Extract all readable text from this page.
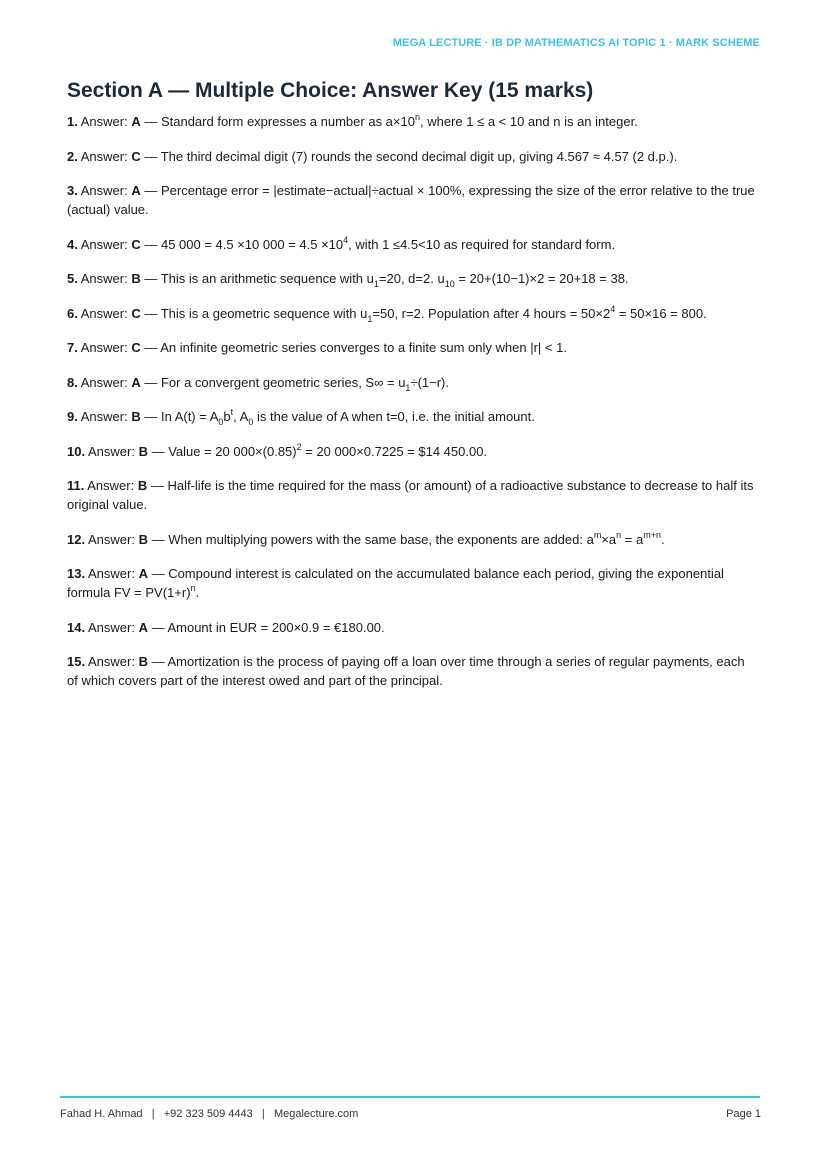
MEGA LECTURE · IB DP MATHEMATICS AI TOPIC 1 · MARK SCHEME
Section A — Multiple Choice: Answer Key (15 marks)
1. Answer: A — Standard form expresses a number as $a\times 10^n$, where 1 ≤ a < 10 and n is an integer.
2. Answer: C — The third decimal digit (7) rounds the second decimal digit up, giving 4.567 ≈ 4.57 (2 d.p.).
3. Answer: A — Percentage error = |estimate−actual|÷actual × 100%, expressing the size of the error relative to the true (actual) value.
4. Answer: C — 45 000 = 4.5 ×10 $000 = 4.5 \times 10^4$, with 1 ≤4.5<10 as required for standard form.
5. Answer: B — This is an arithmetic sequence with $u_1=20$, d=2. $u_{10} = 20+(10-1)\times 2 = 20+18 = 38$.
6. Answer: C — This is a geometric sequence with $u_1=50$, r=2. Population after 4 hours = $50\times 2^4 = 50\times 16 = 800$.
7. Answer: C — An infinite geometric series converges to a finite sum only when |r| < 1.
8. Answer: A — For a convergent geometric series, $S\infty = u_1\div(1-r)$.
9. Answer: B — In $A(t) = A_0b^t$, $A_0$ is the value of A when t=0, i.e. the initial amount.
10. Answer: B — Value = 20 $000\times(0.85)^2 = 20$ 000×0.7225 = $14 450.00.
11. Answer: B — Half-life is the time required for the mass (or amount) of a radioactive substance to decrease to half its original value.
12. Answer: B — When multiplying powers with the same base, the exponents are added: $a^m\times a^n = a^{m+n}$.
13. Answer: A — Compound interest is calculated on the accumulated balance each period, giving the exponential formula FV = $PV(1+r)^n$.
14. Answer: A — Amount in EUR = 200×0.9 = €180.00.
15. Answer: B — Amortization is the process of paying off a loan over time through a series of regular payments, each of which covers part of the interest owed and part of the principal.
Fahad H. Ahmad   |   +92 323 509 4443   |   Megalecture.com	Page 1
